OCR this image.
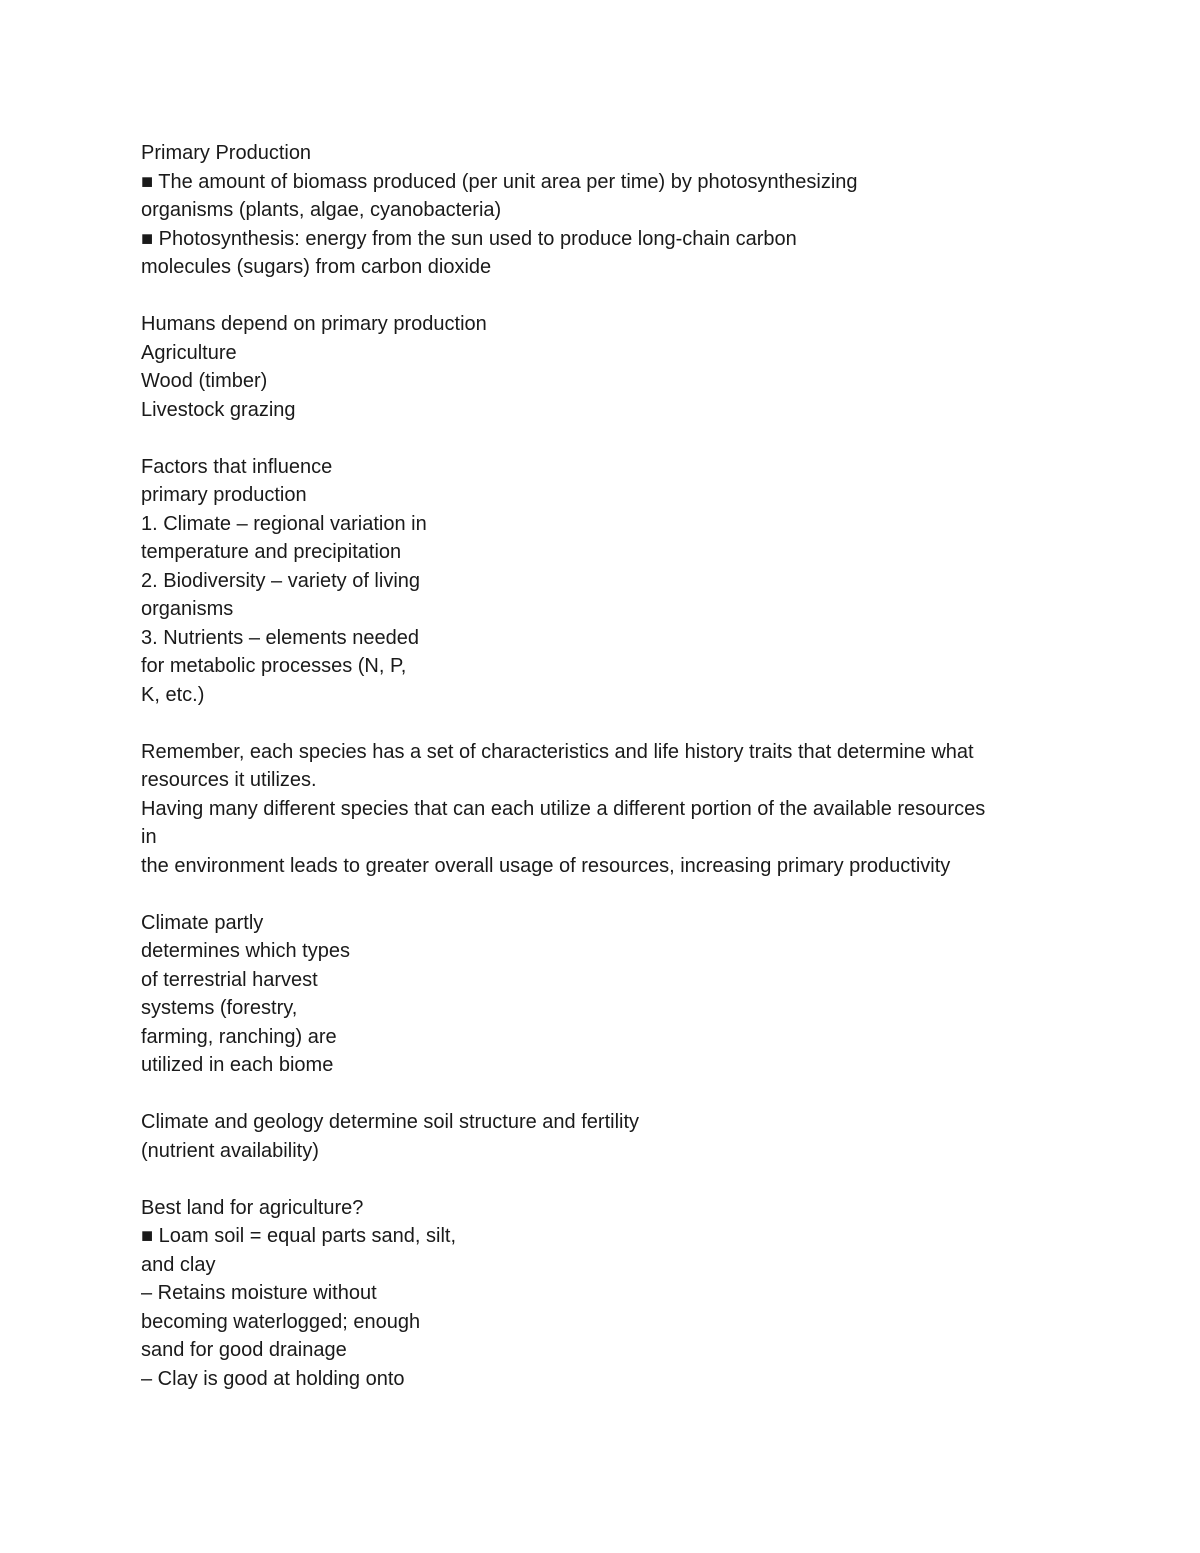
Primary Production
■ The amount of biomass produced (per unit area per time) by photosynthesizing
organisms (plants, algae, cyanobacteria)
■ Photosynthesis: energy from the sun used to produce long-chain carbon
molecules (sugars) from carbon dioxide
Humans depend on primary production
Agriculture
Wood (timber)
Livestock grazing
Factors that influence
primary production
1. Climate – regional variation in
temperature and precipitation
2. Biodiversity – variety of living
organisms
3. Nutrients – elements needed
for metabolic processes (N, P,
K, etc.)
Remember, each species has a set of characteristics and life history traits that determine what
resources it utilizes.
Having many different species that can each utilize a different portion of the available resources
in
the environment leads to greater overall usage of resources, increasing primary productivity
Climate partly
determines which types
of terrestrial harvest
systems (forestry,
farming, ranching) are
utilized in each biome
Climate and geology determine soil structure and fertility
(nutrient availability)
Best land for agriculture?
■ Loam soil = equal parts sand, silt,
and clay
– Retains moisture without
becoming waterlogged; enough
sand for good drainage
– Clay is good at holding onto
